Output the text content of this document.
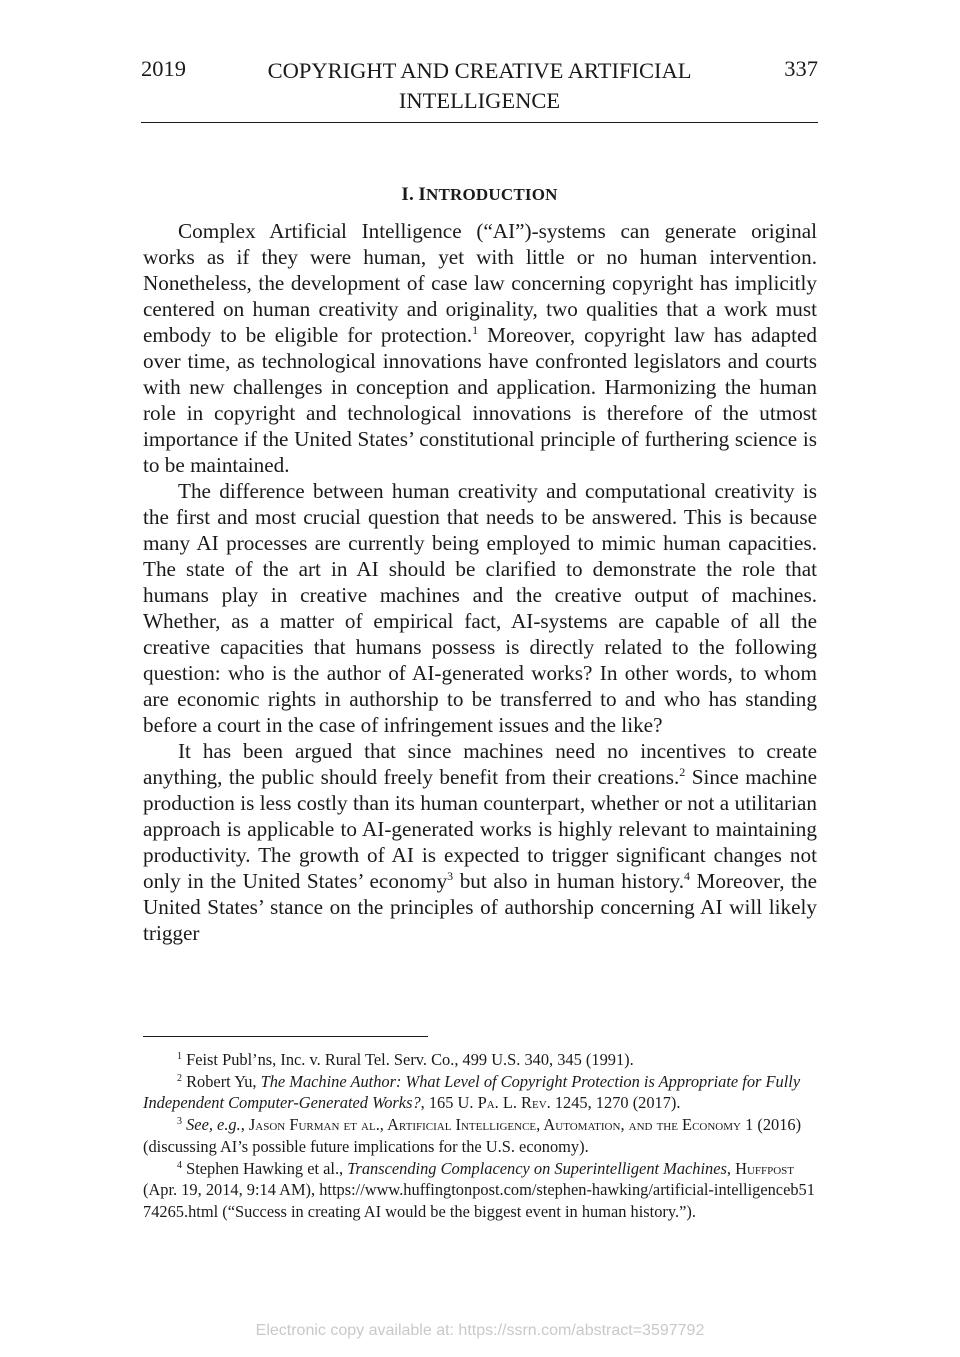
2019	COPYRIGHT AND CREATIVE ARTIFICIAL INTELLIGENCE
337
I. INTRODUCTION

Complex Artificial Intelligence (“AI”)-systems can generate original works as if they were human, yet with little or no human intervention. Nonetheless, the development of case law concerning copyright has implicitly centered on human creativity and originality, two qualities that a work must embody to be eligible for protection.$^1$ Moreover, copyright law has adapted over time, as technological innovations have confronted legislators and courts with new challenges in conception and application. Harmonizing the human role in copyright and technological innovations is therefore of the utmost importance if the United States’ constitutional principle of furthering science is to be maintained.

The difference between human creativity and computational creativity is the first and most crucial question that needs to be answered. This is because many AI processes are currently being employed to mimic human capacities. The state of the art in AI should be clarified to demonstrate the role that humans play in creative machines and the creative output of machines. Whether, as a matter of empirical fact, AI-systems are capable of all the creative capacities that humans possess is directly related to the following question: who is the author of AI-generated works? In other words, to whom are economic rights in authorship to be transferred to and who has standing before a court in the case of infringement issues and the like?

It has been argued that since machines need no incentives to create anything, the public should freely benefit from their creations.$^2$ Since machine production is less costly than its human counterpart, whether or not a utilitarian approach is applicable to AI-generated works is highly relevant to maintaining productivity. The growth of AI is expected to trigger significant changes not only in the United States’ economy$^3$ but also in human history.$^4$ Moreover, the United States’ stance on the principles of authorship concerning AI will likely trigger

$^1$ Feist Publ’ns, Inc. v. Rural Tel. Serv. Co., 499 U.S. 340, 345 (1991).

$^2$ Robert Yu, The Machine Author: What Level of Copyright Protection is Appropriate for Fully Independent Computer-Generated Works?, 165 U. Pa. L. Rev. 1245, 1270 (2017).

$^3$ See, e.g., Jason Furman et al., Artificial Intelligence, Automation, and the Economy 1 (2016) (discussing AI’s possible future implications for the U.S. economy).

$^4$ Stephen Hawking et al., Transcending Complacency on Superintelligent Machines, Huffpost (Apr. 19, 2014, 9:14 AM), https://www.huffingtonpost.com/stephen-hawking/artificial-intelligenceb5174265.html (“Success in creating AI would be the biggest event in human history.”).

Electronic copy available at: https://ssrn.com/abstract=3597792
